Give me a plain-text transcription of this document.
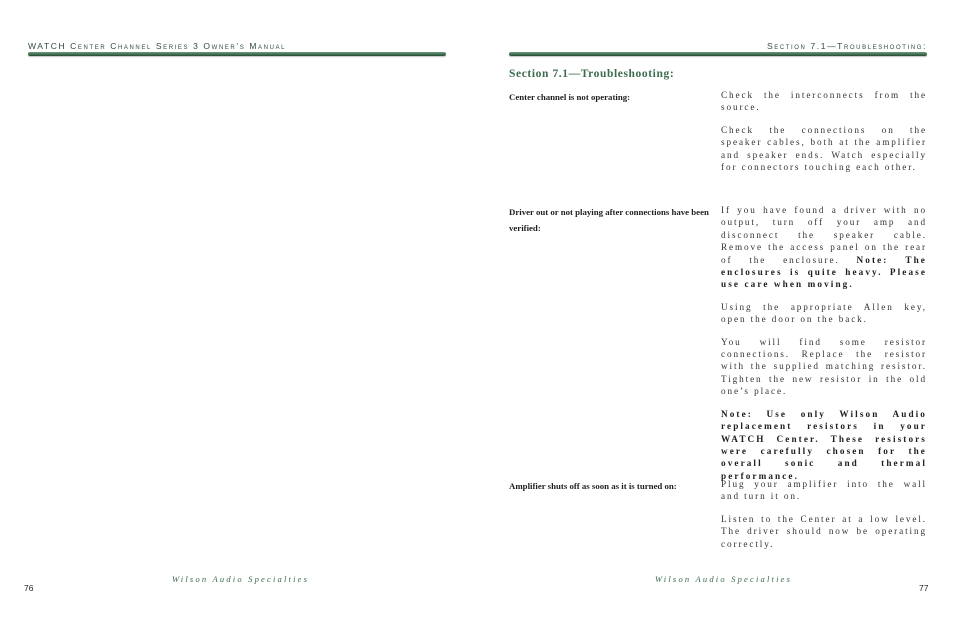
WATCH Center Channel Series 3 Owner’s Manual
Wilson Audio Specialties
76
Section 7.1—Troubleshooting:
Section 7.1—Troubleshooting:
Center channel is not operating:	Check the interconnects from the source.

Check the connections on the speaker cables, both at the amplifier and speaker ends. Watch especially for connectors touching each other.

Driver out or not playing after connections have been verified:

If you have found a driver with no output, turn off your amp and disconnect the speaker cable. Remove the access panel on the rear of the enclosure. Note: The enclosures is quite heavy. Please use care when moving.

Using the appropriate Allen key, open the door on the back.

You will find some resistor connections. Replace the resistor with the supplied matching resistor. Tighten the new resistor in the old one’s place.

Note: Use only Wilson Audio replacement resistors in your WATCH Center. These resistors were carefully chosen for the overall sonic and thermal performance.

Amplifier shuts off as soon as it is turned on:	Plug your amplifier into the wall and turn it on.

Listen to the Center at a low level. The driver should now be operating correctly.

Wilson Audio Specialties
77
